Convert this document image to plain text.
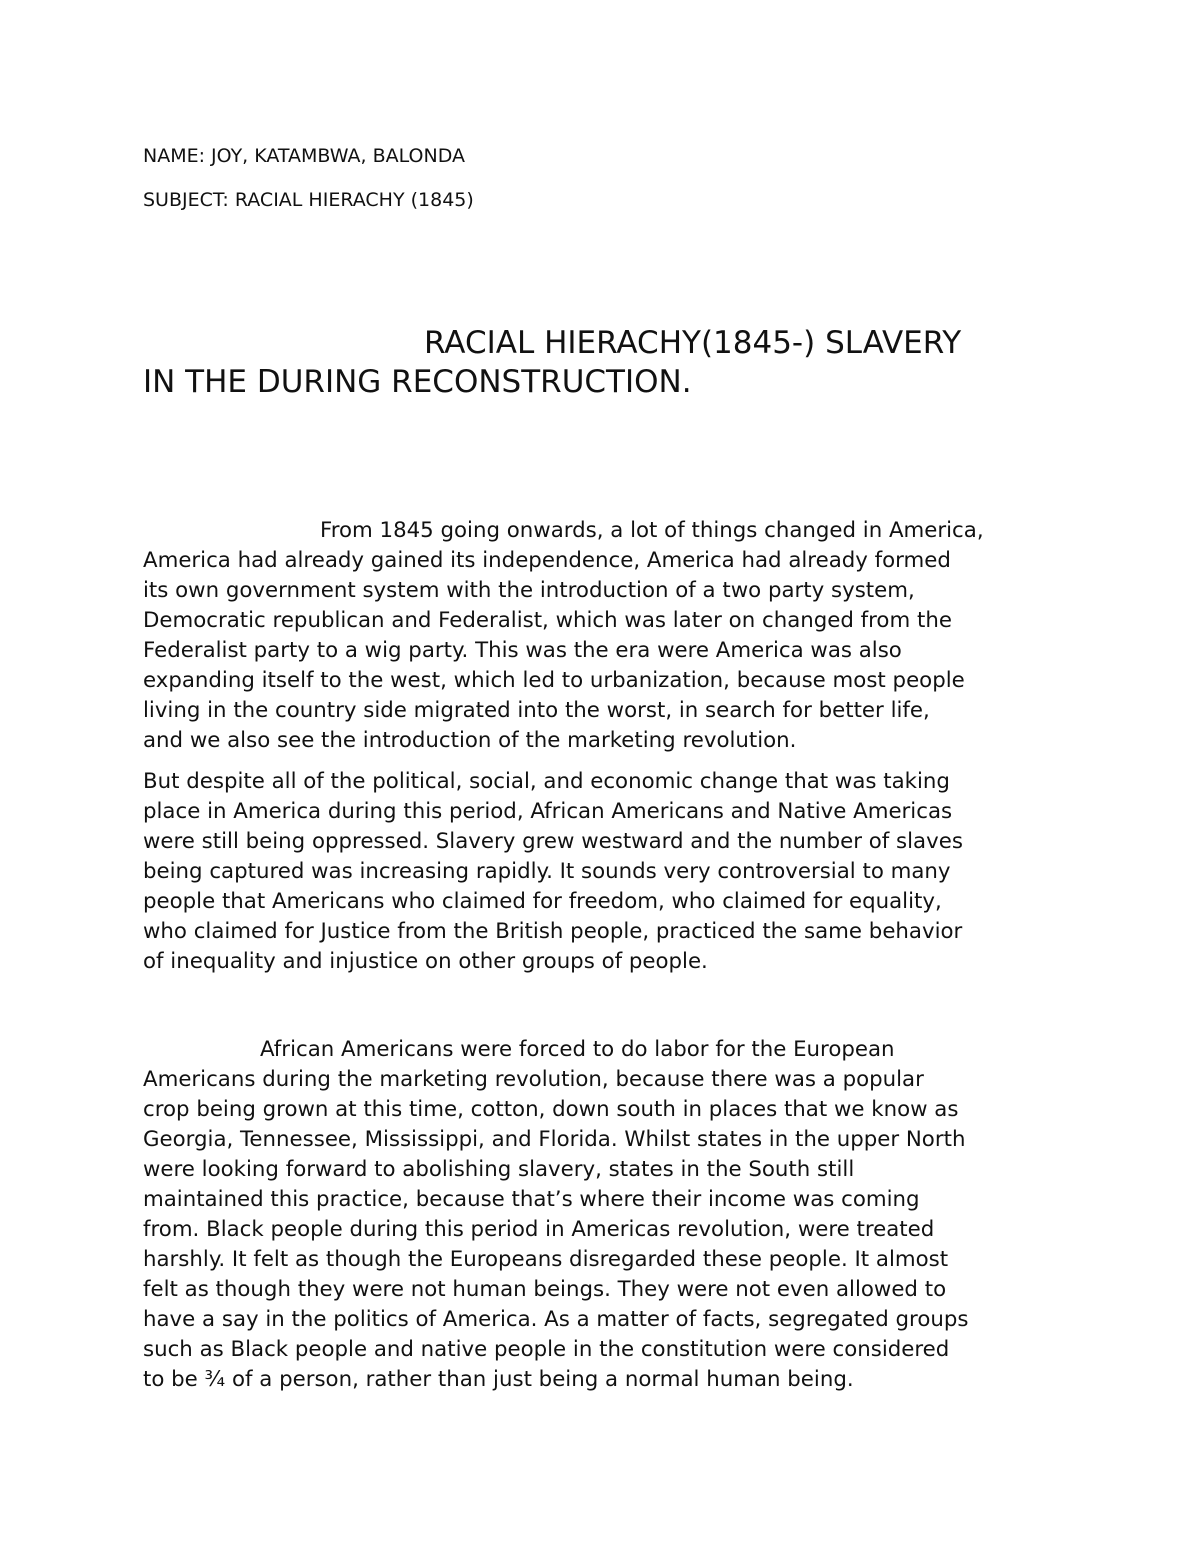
NAME: JOY, KATAMBWA, BALONDA
SUBJECT: RACIAL HIERACHY (1845)
RACIAL HIERACHY(1845-) SLAVERY
IN THE DURING RECONSTRUCTION.

From 1845 going onwards, a lot of things changed in America,
America had already gained its independence, America had already formed
its own government system with the introduction of a two party system,
Democratic republican and Federalist, which was later on changed from the
Federalist party to a wig party. This was the era were America was also
expanding itself to the west, which led to urbanization, because most people
living in the country side migrated into the worst, in search for better life,
and we also see the introduction of the marketing revolution.

But despite all of the political, social, and economic change that was taking
place in America during this period, African Americans and Native Americas
were still being oppressed. Slavery grew westward and the number of slaves
being captured was increasing rapidly. It sounds very controversial to many
people that Americans who claimed for freedom, who claimed for equality,
who claimed for Justice from the British people, practiced the same behavior
of inequality and injustice on other groups of people.

African Americans were forced to do labor for the European
Americans during the marketing revolution, because there was a popular
crop being grown at this time, cotton, down south in places that we know as
Georgia, Tennessee, Mississippi, and Florida. Whilst states in the upper North
were looking forward to abolishing slavery, states in the South still
maintained this practice, because that’s where their income was coming
from. Black people during this period in Americas revolution, were treated
harshly. It felt as though the Europeans disregarded these people. It almost
felt as though they were not human beings. They were not even allowed to
have a say in the politics of America. As a matter of facts, segregated groups
such as Black people and native people in the constitution were considered
to be ¾ of a person, rather than just being a normal human being.
